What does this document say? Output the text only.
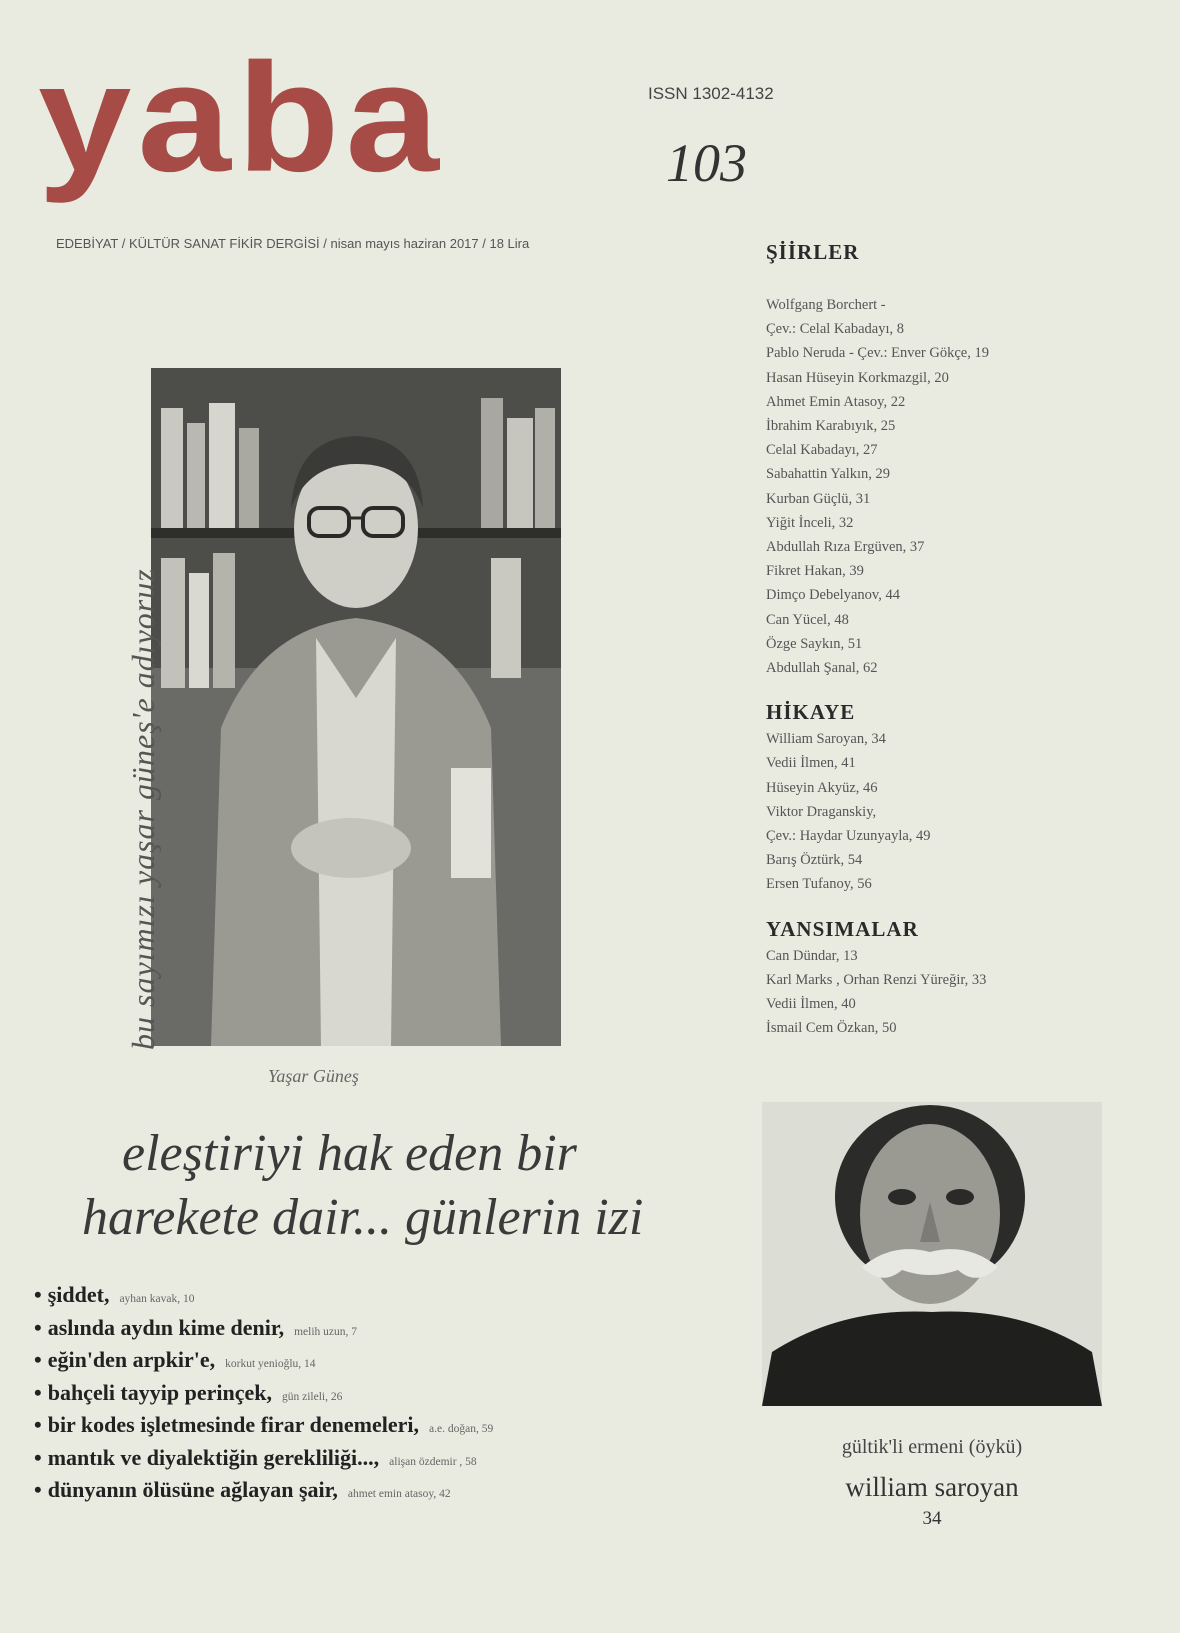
yaba	ISSN 1302-4132
103
EDEBİYAT / KÜLTÜR SANAT FİKİR DERGİSİ / nisan mayıs haziran 2017 / 18 Lira	ŞİİRLER
Wolfgang Borchert -
Çev.: Celal Kabadayı, 8
Pablo Neruda - Çev.: Enver Gökçe, 19
Hasan Hüseyin Korkmazgil, 20
Ahmet Emin Atasoy, 22
İbrahim Karabıyık, 25
Celal Kabadayı, 27
Sabahattin Yalkın, 29
Kurban Güçlü, 31
Yiğit İnceli, 32
Abdullah Rıza Ergüven, 37
Fikret Hakan, 39
Dimço Debelyanov, 44
Can Yücel, 48
Özge Saykın, 51
Abdullah Şanal, 62
HİKAYE
William Saroyan, 34
Vedii İlmen, 41
Hüseyin Akyüz, 46
Viktor Draganskiy,
Çev.: Haydar Uzunyayla, 49
Barış Öztürk, 54
Ersen Tufanoy, 56
YANSIMALAR
Can Dündar, 13
Karl Marks , Orhan Renzi Yüreğir, 33
Vedii İlmen, 40
İsmail Cem Özkan, 50
bu sayımızı yaşar güneş'e adıyoruz
Yaşar Güneş
eleştiriyi hak eden bir
harekete dair... günlerin izi
• şiddet, ayhan kavak, 10
• aslında aydın kime denir, melih uzun, 7
• eğin'den arpkir'e, korkut yenioğlu, 14
• bahçeli tayyip perinçek, gün zileli, 26
• bir kodes işletmesinde firar denemeleri, a.e. doğan, 59
• mantık ve diyalektiğin gerekliliği..., alişan özdemir , 58
• dünyanın ölüsüne ağlayan şair, ahmet emin atasoy, 42
gültik'li ermeni (öykü)
william saroyan
34
